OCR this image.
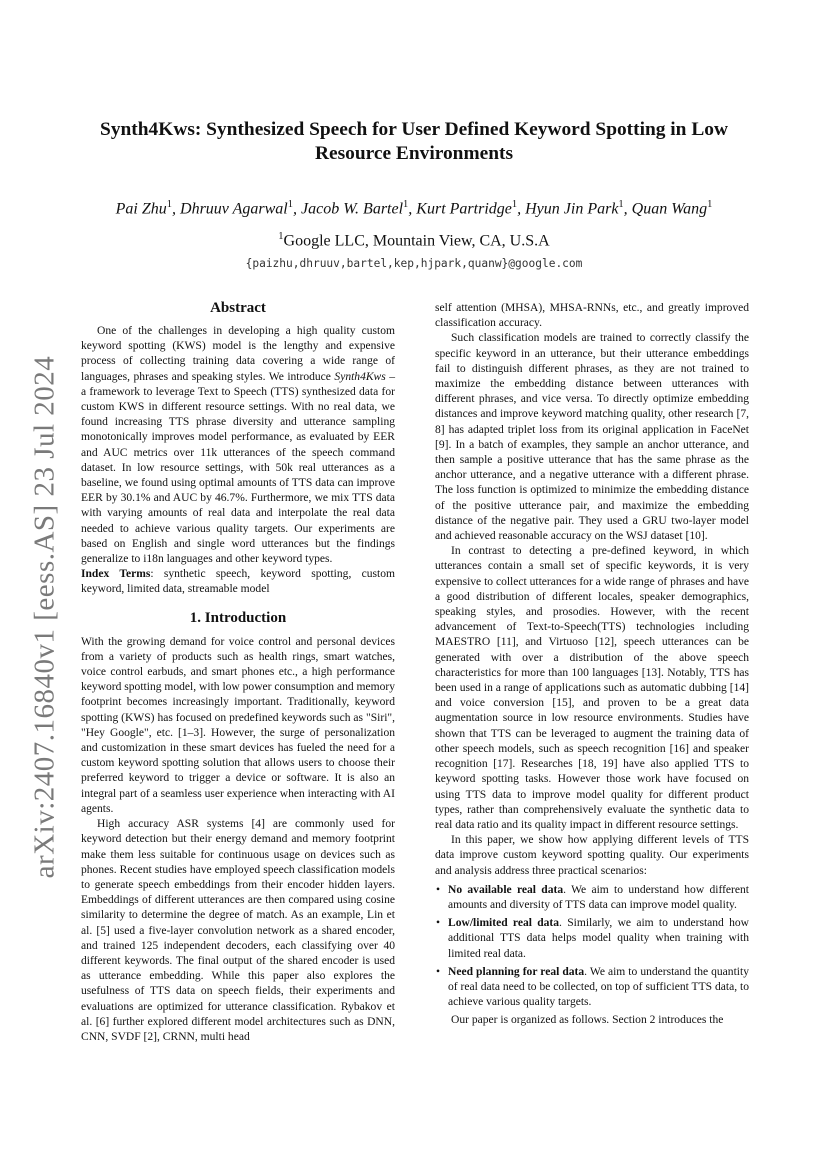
arXiv:2407.16840v1 [eess.AS] 23 Jul 2024
Synth4Kws: Synthesized Speech for User Defined Keyword Spotting in Low Resource Environments
Pai Zhu$^1$, Dhruuv Agarwal$^1$, Jacob W. Bartel$^1$, Kurt Partridge$^1$, Hyun Jin Park$^1$, Quan Wang$^1$
$^1$Google LLC, Mountain View, CA, U.S.A
{paizhu,dhruuv,bartel,kep,hjpark,quanw}@google.com
Abstract

One of the challenges in developing a high quality custom keyword spotting (KWS) model is the lengthy and expensive process of collecting training data covering a wide range of languages, phrases and speaking styles. We introduce Synth4Kws – a framework to leverage Text to Speech (TTS) synthesized data for custom KWS in different resource settings. With no real data, we found increasing TTS phrase diversity and utterance sampling monotonically improves model performance, as evaluated by EER and AUC metrics over 11k utterances of the speech command dataset. In low resource settings, with 50k real utterances as a baseline, we found using optimal amounts of TTS data can improve EER by 30.1% and AUC by 46.7%. Furthermore, we mix TTS data with varying amounts of real data and interpolate the real data needed to achieve various quality targets. Our experiments are based on English and single word utterances but the findings generalize to i18n languages and other keyword types.

Index Terms: synthetic speech, keyword spotting, custom keyword, limited data, streamable model

1. Introduction

With the growing demand for voice control and personal devices from a variety of products such as health rings, smart watches, voice control earbuds, and smart phones etc., a high performance keyword spotting model, with low power consumption and memory footprint becomes increasingly important. Traditionally, keyword spotting (KWS) has focused on predefined keywords such as "Siri", "Hey Google", etc. [1–3]. However, the surge of personalization and customization in these smart devices has fueled the need for a custom keyword spotting solution that allows users to choose their preferred keyword to trigger a device or software. It is also an integral part of a seamless user experience when interacting with AI agents.

High accuracy ASR systems [4] are commonly used for keyword detection but their energy demand and memory footprint make them less suitable for continuous usage on devices such as phones. Recent studies have employed speech classification models to generate speech embeddings from their encoder hidden layers. Embeddings of different utterances are then compared using cosine similarity to determine the degree of match. As an example, Lin et al. [5] used a five-layer convolution network as a shared encoder, and trained 125 independent decoders, each classifying over 40 different keywords. The final output of the shared encoder is used as utterance embedding. While this paper also explores the usefulness of TTS data on speech fields, their experiments and evaluations are optimized for utterance classification. Rybakov et al. [6] further explored different model architectures such as DNN, CNN, SVDF [2], CRNN, multi head

self attention (MHSA), MHSA-RNNs, etc., and greatly improved classification accuracy.

Such classification models are trained to correctly classify the specific keyword in an utterance, but their utterance embeddings fail to distinguish different phrases, as they are not trained to maximize the embedding distance between utterances with different phrases, and vice versa. To directly optimize embedding distances and improve keyword matching quality, other research [7, 8] has adapted triplet loss from its original application in FaceNet [9]. In a batch of examples, they sample an anchor utterance, and then sample a positive utterance that has the same phrase as the anchor utterance, and a negative utterance with a different phrase. The loss function is optimized to minimize the embedding distance of the positive utterance pair, and maximize the embedding distance of the negative pair. They used a GRU two-layer model and achieved reasonable accuracy on the WSJ dataset [10].

In contrast to detecting a pre-defined keyword, in which utterances contain a small set of specific keywords, it is very expensive to collect utterances for a wide range of phrases and have a good distribution of different locales, speaker demographics, speaking styles, and prosodies. However, with the recent advancement of Text-to-Speech(TTS) technologies including MAESTRO [11], and Virtuoso [12], speech utterances can be generated with over a distribution of the above speech characteristics for more than 100 languages [13]. Notably, TTS has been used in a range of applications such as automatic dubbing [14] and voice conversion [15], and proven to be a great data augmentation source in low resource environments. Studies have shown that TTS can be leveraged to augment the training data of other speech models, such as speech recognition [16] and speaker recognition [17]. Researches [18, 19] have also applied TTS to keyword spotting tasks. However those work have focused on using TTS data to improve model quality for different product types, rather than comprehensively evaluate the synthetic data to real data ratio and its quality impact in different resource settings.

In this paper, we show how applying different levels of TTS data improve custom keyword spotting quality. Our experiments and analysis address three practical scenarios:

• No available real data. We aim to understand how different amounts and diversity of TTS data can improve model quality.
• Low/limited real data. Similarly, we aim to understand how additional TTS data helps model quality when training with limited real data.
• Need planning for real data. We aim to understand the quantity of real data need to be collected, on top of sufficient TTS data, to achieve various quality targets.

Our paper is organized as follows. Section 2 introduces the
